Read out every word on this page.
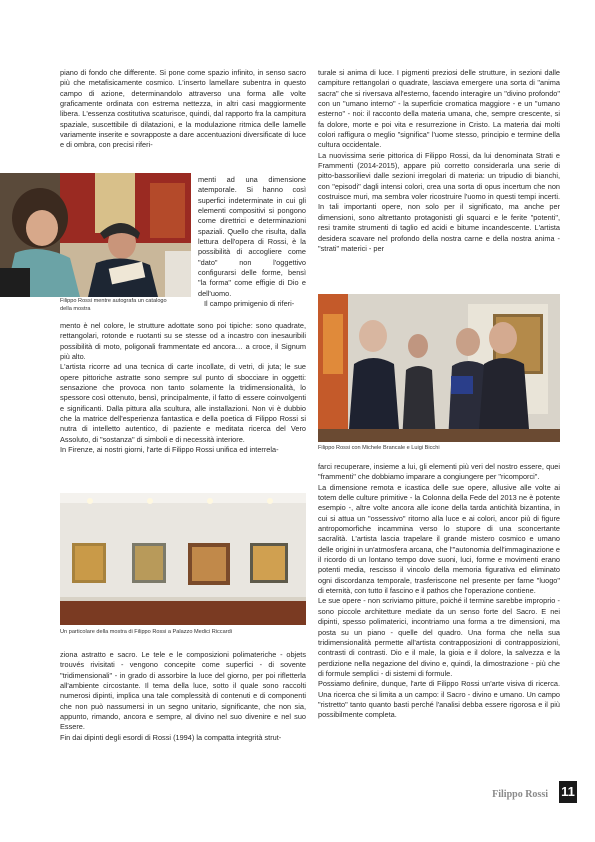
piano di fondo che differente. Si pone come spazio infinito, in senso sacro più che metafisicamente cosmico. L'inserto lamellare subentra in questo campo di azione, determinandolo attraverso una forma alle volte graficamente ordinata con estrema nettezza, in altri casi maggiormente libera. L'essenza costitutiva scaturisce, quindi, dal rapporto fra la campitura spaziale, suscettibile di dilatazioni, e la modulazione ritmica delle lamelle variamente inserite e sovrapposte a dare accentuazioni diversificate di luce e di ombra, con precisi riferi-

Filippo Rossi mentre autografa un catalogo della mostra

menti ad una dimensione atemporale. Si hanno così superfici indeterminate in cui gli elementi compositivi si pongono come direttrici e determinazioni spaziali. Quello che risulta, dalla lettura dell'opera di Rossi, è la possibilità di accogliere come "dato" non l'oggettivo configurarsi delle forme, bensì "la forma" come effigie di Dio e dell'uomo.

Il campo primigenio di riferi-

mento è nel colore, le strutture adottate sono poi tipiche: sono quadrate, rettangolari, rotonde e ruotanti su se stesse od a incastro con inesauribili possibilità di moto, poligonali frammentate ed ancora… a croce, il Signum più alto.

L'artista ricorre ad una tecnica di carte incollate, di vetri, di juta; le sue opere pittoriche astratte sono sempre sul punto di sbocciare in oggetti: sensazione che provoca non tanto solamente la tridimensionalità, lo spessore così ottenuto, bensì, principalmente, il fatto di essere coinvolgenti e significanti. Dalla pittura alla scultura, alle installazioni. Non vi è dubbio che la matrice dell'esperienza fantastica e della poetica di Filippo Rossi si nutra di intelletto autentico, di paziente e meditata ricerca del Vero Assoluto, di "sostanza" di simboli e di necessità interiore.

In Firenze, ai nostri giorni, l'arte di Filippo Rossi unifica ed interrela-

Un particolare della mostra di Filippo Rossi a Palazzo Medici Riccardi

ziona astratto e sacro. Le tele e le composizioni polimateriche - objets trouvés rivisitati - vengono concepite come superfici - di sovente "tridimensionali" - in grado di assorbire la luce del giorno, per poi rifletterla all'ambiente circostante. Il tema della luce, sotto il quale sono raccolti numerosi dipinti, implica una tale complessità di contenuti e di componenti che non può nassumersi in un segno unitario, significante, che non sia, appunto, rimando, ancora e sempre, al divino nel suo divenire e nel suo Essere.

Fin dai dipinti degli esordi di Rossi (1994) la compatta integrità strut-

turale si anima di luce. I pigmenti preziosi delle strutture, in sezioni dalle campiture rettangolari o quadrate, lasciava emergere una sorta di "anima sacra" che si riversava all'esterno, facendo interagire un "divino profondo" con un "umano interno" - la superficie cromatica maggiore - e un "umano esterno" - noi: il racconto della materia umana, che, sempre crescente, si fa dolore, morte e poi vita e resurrezione in Cristo. La materia dai molti colori raffigura o meglio "significa" l'uome stesso, principio e termine della cultura occidentale.

La nuovissima serie pittorica di Filippo Rossi, da lui denominata Strati e Frammenti (2014-2015), appare più corretto considerarla una serie di pitto-bassorilievi dalle sezioni irregolari di materia: un tripudio di bianchi, con "episodi" dagli intensi colori, crea una sorta di opus incertum che non costruisce muri, ma sembra voler ricostruire l'uomo in questi tempi incerti. In tali importanti opere, non solo per il significato, ma anche per dimensioni, sono altrettanto protagonisti gli squarci e le ferite "potenti", resi tramite strumenti di taglio ed acidi e bitume incandescente. L'artista desidera scavare nel profondo della nostra carne e della nostra anima - "strati" materici - per

Filippo Rossi con Michele Brancale e Luigi Bicchi

farci recuperare, insieme a lui, gli elementi più veri del nostro essere, quei "frammenti" che dobbiamo imparare a congiungere per "ricomporci".

La dimensione remota e icastica delle sue opere, allusive alle volte ai totem delle culture primitive - la Colonna della Fede del 2013 ne è potente esempio -, altre volte ancora alle icone della tarda antichità bizantina, in cui si attua un "ossessivo" ritorno alla luce e ai colori, ancor più di figure antropomorfiche incammina verso lo stupore di una sconcertante sacralità. L'artista lascia trapelare il grande mistero cosmico e umano delle origini in un'atmosfera arcana, che l'"autonomia dell'immaginazione e il ricordo di un lontano tempo dove suoni, luci, forme e movimenti erano potenti media, rescisso il vincolo della memoria figurativa ed eliminato ogni discordanza temporale, trasferiscone nel presente per farne "luogo" di eternità, con tutto il fascino e il pathos che l'operazione contiene.

Le sue opere - non scriviamo pitture, poiché il termine sarebbe improprio - sono piccole architetture mediate da un senso forte del Sacro. E nei dipinti, spesso polimaterici, incontriamo una forma a tre dimensioni, ma posta su un piano - quelle del quadro. Una forma che nella sua tridimensionalità permette all'artista contrapposizioni di contrapposizioni, contrasti di contrasti. Dio e il male, la gioia e il dolore, la salvezza e la perdizione nella negazione del divino e, quindi, la dimostrazione - più che di formule semplici - di sistemi di formule.

Possiamo definire, dunque, l'arte di Filippo Rossi un'arte visiva di ricerca. Una ricerca che si limita a un campo: il Sacro - divino e umano. Un campo "ristretto" tanto quanto basti perché l'analisi debba essere rigorosa e il più possibilmente completa.

Filippo Rossi 11
